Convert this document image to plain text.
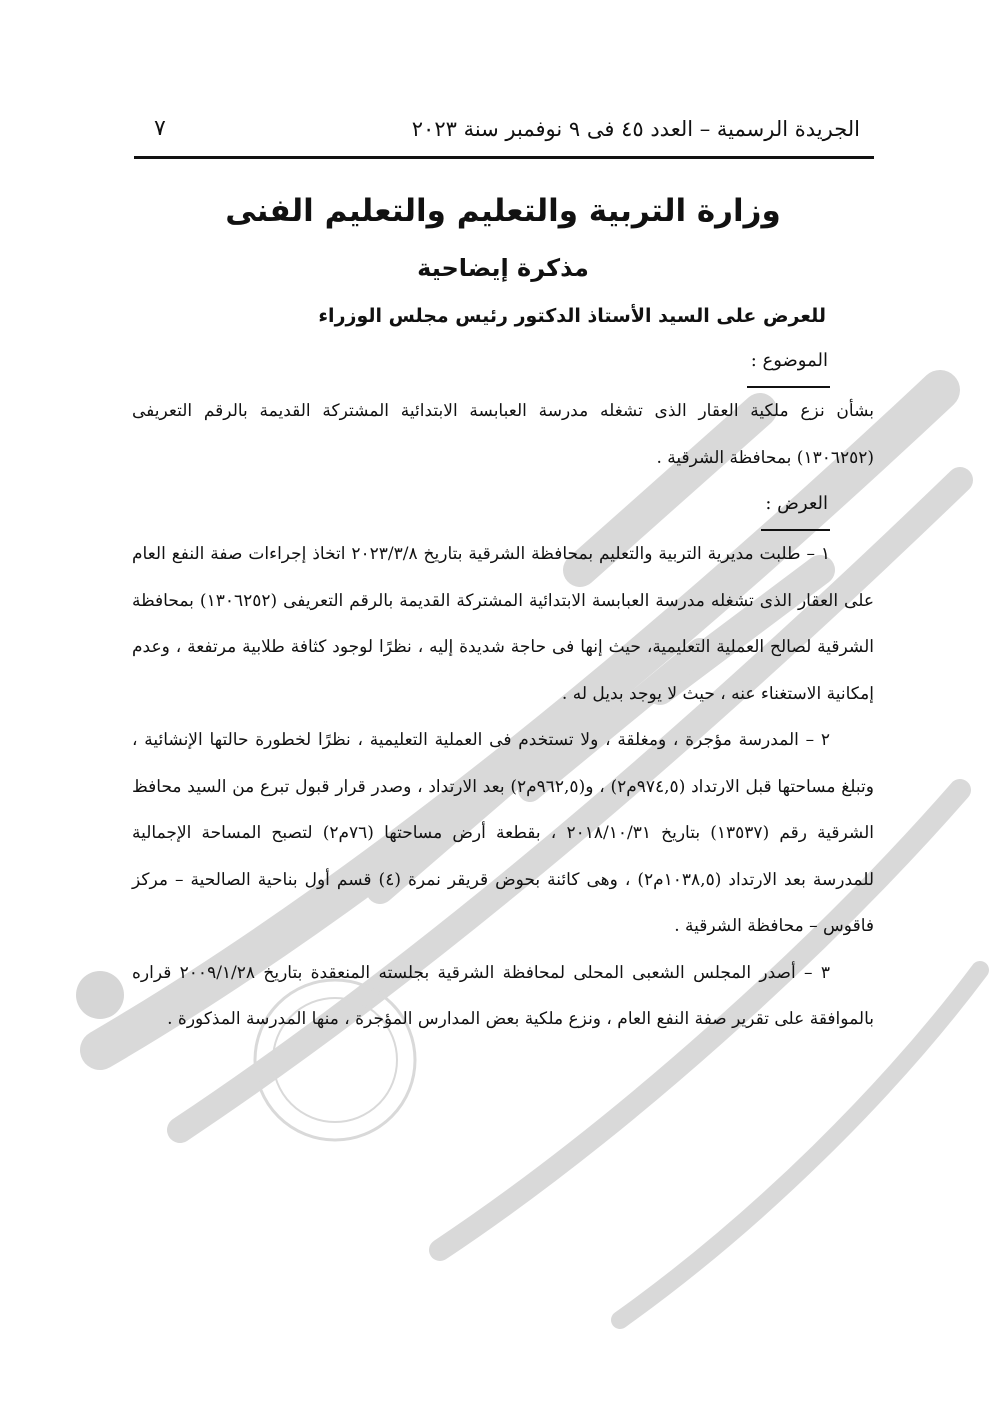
الجريدة الرسمية – العدد ٤٥ فى ٩ نوفمبر سنة ٢٠٢٣
٧
وزارة التربية والتعليم والتعليم الفنى
مذكرة إيضاحية

للعرض على السيد الأستاذ الدكتور رئيس مجلس الوزراء

الموضوع :

بشأن نزع ملكية العقار الذى تشغله مدرسة العبابسة الابتدائية المشتركة القديمة بالرقم التعريفى (١٣٠٦٢٥٢) بمحافظة الشرقية .

العرض :

١ – طلبت مديرية التربية والتعليم بمحافظة الشرقية بتاريخ ٢٠٢٣/٣/٨ اتخاذ إجراءات صفة النفع العام على العقار الذى تشغله مدرسة العبابسة الابتدائية المشتركة القديمة بالرقم التعريفى (١٣٠٦٢٥٢) بمحافظة الشرقية لصالح العملية التعليمية، حيث إنها فى حاجة شديدة إليه ، نظرًا لوجود كثافة طلابية مرتفعة ، وعدم إمكانية الاستغناء عنه ، حيث لا يوجد بديل له .

٢ – المدرسة مؤجرة ، ومغلقة ، ولا تستخدم فى العملية التعليمية ، نظرًا لخطورة حالتها الإنشائية ، وتبلغ مساحتها قبل الارتداد (٩٧٤,٥م٢) ، و(٩٦٢,٥م٢) بعد الارتداد ، وصدر قرار قبول تبرع من السيد محافظ الشرقية رقم (١٣٥٣٧) بتاريخ ٢٠١٨/١٠/٣١ ، بقطعة أرض مساحتها (٧٦م٢) لتصبح المساحة الإجمالية للمدرسة بعد الارتداد (١٠٣٨,٥م٢) ، وهى كائنة بحوض قريقر نمرة (٤) قسم أول بناحية الصالحية – مركز فاقوس – محافظة الشرقية .

٣ – أصدر المجلس الشعبى المحلى لمحافظة الشرقية بجلسته المنعقدة بتاريخ ٢٠٠٩/١/٢٨ قراره بالموافقة على تقرير صفة النفع العام ، ونزع ملكية بعض المدارس المؤجرة ، منها المدرسة المذكورة .
